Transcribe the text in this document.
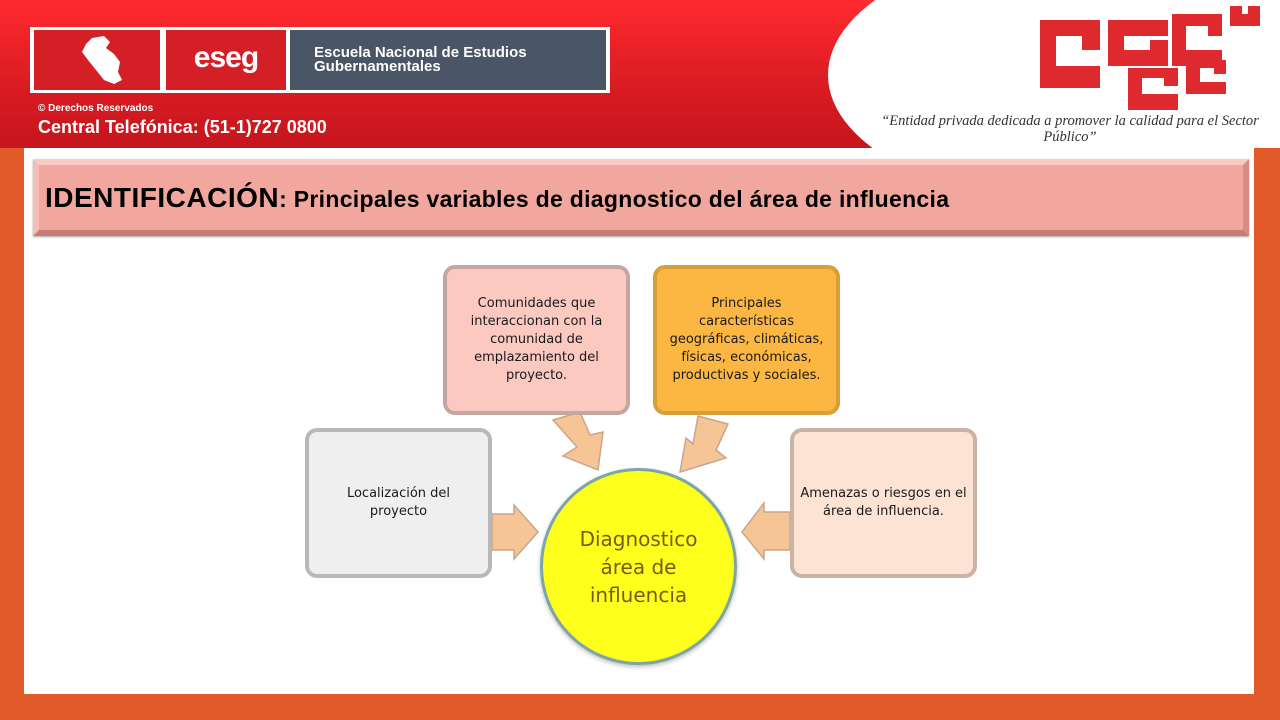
eseg	Escuela Nacional de Estudios Gubernamentales
© Derechos Reservados
Central Telefónica: (51-1)727 0800	“Entidad privada dedicada a promover la calidad para el Sector Público”
IDENTIFICACIÓN: Principales variables de diagnostico del área de influencia
Localización del proyecto
Comunidades que interaccionan con la comunidad de emplazamiento del proyecto.
Principales características geográficas, climáticas, físicas, económicas, productivas y sociales.
Amenazas o riesgos en el área de influencia.
Diagnostico área de influencia
